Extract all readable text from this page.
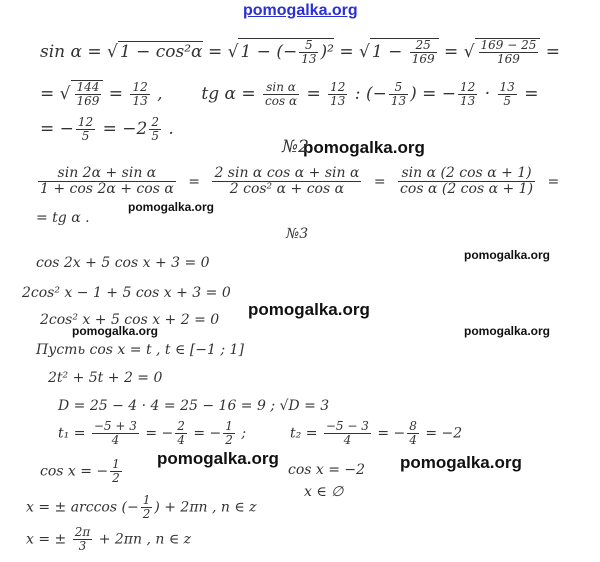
pomogalka.org
pomogalka.org
pomogalka.org
pomogalka.org
pomogalka.org
pomogalka.org	pomogalka.org
pomogalka.org	pomogalka.org
sin α = √ 1 − cos²α = √ 1 − (− $\frac{5}{13} )^2$ = √ $1 - \frac{25}{169}$ = √ $\frac{169 - 25}{169}$ =
= √ $\frac{144}{169} = \frac{12}{13}$ , tg $\alpha = \frac{\text{sin α}}{\text{cos α}} = \frac{12}{13}$ : (− $\frac{5}{13}$ ) = − $\frac{12}{13} \cdot \frac{13}{5}$ =
= − $\frac{12}{5} = -2 \frac{2}{5}$ .
№2
$\frac{\text{sin 2α + sin α}}{\text{1 + cos 2α + cos α}} = \frac{\text{2 sin α cos α + sin α}}{\text{2 cos² α + cos α}} = \frac{\text{sin α (2 cos α + 1)}}{\text{cos α (2 cos α + 1)}}$ =
= tg α .
№3
cos 2x + 5 cos x + 3 = 0
2cos² x − 1 + 5 cos x + 3 = 0
2cos² x + 5 cos x + 2 = 0
Пусть cos x = t , t ∈ [−1 ; 1]
2t² + 5t + 2 = 0
D = 25 − 4 · 4 = 25 − 16 = 9 ; √D = 3
$t_1 = \frac{-5 + 3}{4}$ = − $\frac{2}{4}$ = − $\frac{1}{2}$ ;	$t_2 = \frac{-5 - 3}{4}$ = − $\frac{8}{4} = -2$
cos x = − $\frac{1}{2}$	cos x = −2
x ∈ ∅
x = ± arccos (− $\frac{1}{2}$ ) + 2πn , n ∈ z
x = ± $\frac{2\pi}{3} + 2\pi n$ , n ∈ z
